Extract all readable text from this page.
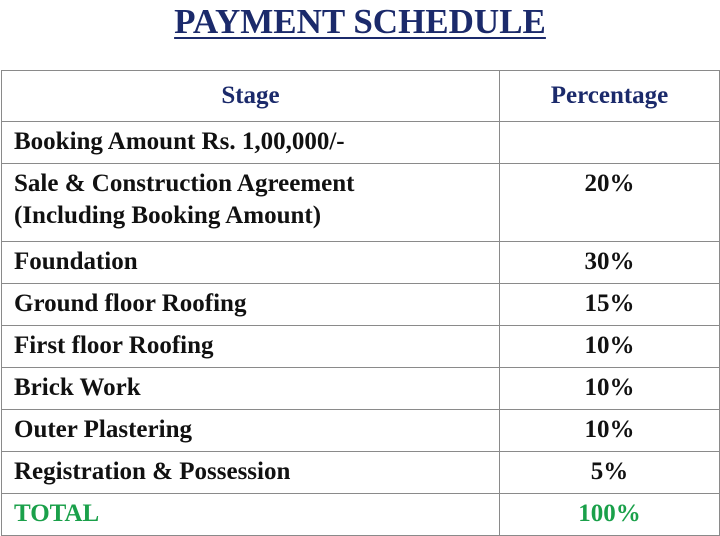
PAYMENT SCHEDULE
Stage	Percentage
Booking Amount Rs. 1,00,000/-	

Sale & Construction Agreement
(Including Booking Amount)	20%
Foundation	30%
Ground floor Roofing	15%
First floor Roofing	10%
Brick Work	10%
Outer Plastering	10%
Registration & Possession	5%
TOTAL	100%
